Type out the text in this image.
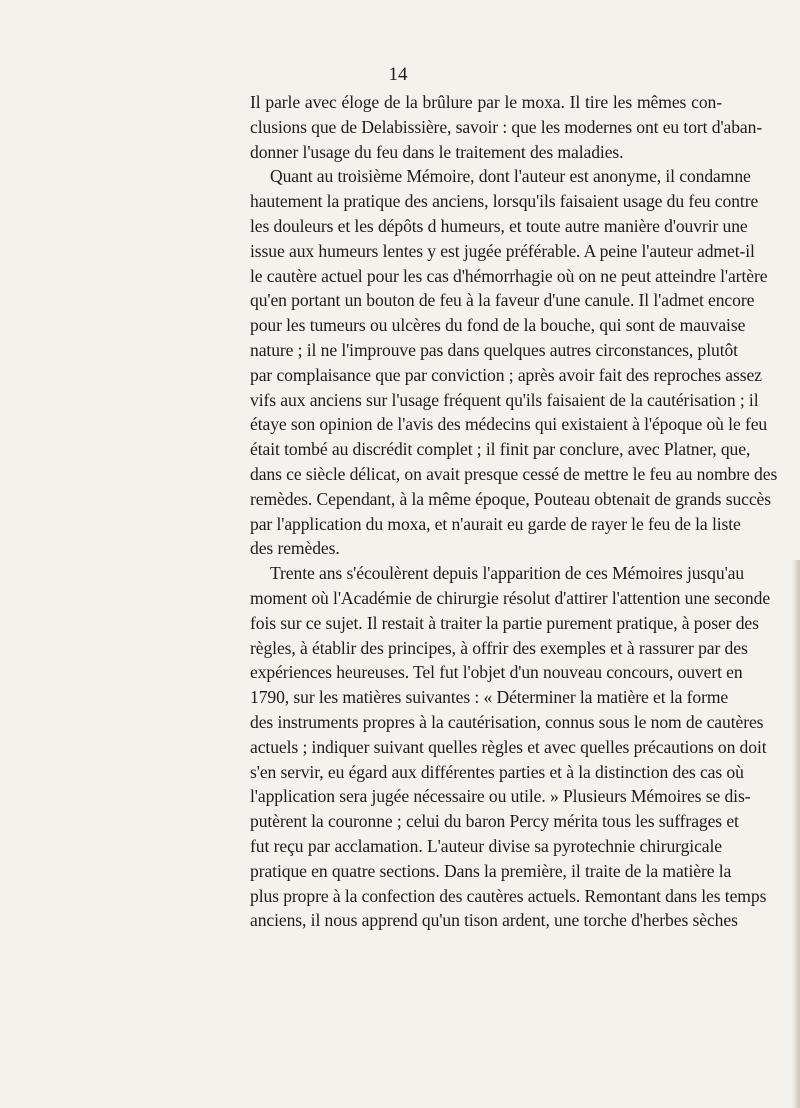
14
Il parle avec éloge de la brûlure par le moxa. Il tire les mêmes con-
clusions que de Delabissière, savoir : que les modernes ont eu tort d'aban-
donner l'usage du feu dans le traitement des maladies.
Quant au troisième Mémoire, dont l'auteur est anonyme, il condamne
hautement la pratique des anciens, lorsqu'ils faisaient usage du feu contre
les douleurs et les dépôts d humeurs, et toute autre manière d'ouvrir une
issue aux humeurs lentes y est jugée préférable. A peine l'auteur admet-il
le cautère actuel pour les cas d'hémorrhagie où on ne peut atteindre l'artère
qu'en portant un bouton de feu à la faveur d'une canule. Il l'admet encore
pour les tumeurs ou ulcères du fond de la bouche, qui sont de mauvaise
nature ; il ne l'improuve pas dans quelques autres circonstances, plutôt
par complaisance que par conviction ; après avoir fait des reproches assez
vifs aux anciens sur l'usage fréquent qu'ils faisaient de la cautérisation ; il
étaye son opinion de l'avis des médecins qui existaient à l'époque où le feu
était tombé au discrédit complet ; il finit par conclure, avec Platner, que,
dans ce siècle délicat, on avait presque cessé de mettre le feu au nombre des
remèdes. Cependant, à la même époque, Pouteau obtenait de grands succès
par l'application du moxa, et n'aurait eu garde de rayer le feu de la liste
des remèdes.
Trente ans s'écoulèrent depuis l'apparition de ces Mémoires jusqu'au
moment où l'Académie de chirurgie résolut d'attirer l'attention une seconde
fois sur ce sujet. Il restait à traiter la partie purement pratique, à poser des
règles, à établir des principes, à offrir des exemples et à rassurer par des
expériences heureuses. Tel fut l'objet d'un nouveau concours, ouvert en
1790, sur les matières suivantes : « Déterminer la matière et la forme
des instruments propres à la cautérisation, connus sous le nom de cautères
actuels ; indiquer suivant quelles règles et avec quelles précautions on doit
s'en servir, eu égard aux différentes parties et à la distinction des cas où
l'application sera jugée nécessaire ou utile. » Plusieurs Mémoires se dis-
putèrent la couronne ; celui du baron Percy mérita tous les suffrages et
fut reçu par acclamation. L'auteur divise sa pyrotechnie chirurgicale
pratique en quatre sections. Dans la première, il traite de la matière la
plus propre à la confection des cautères actuels. Remontant dans les temps
anciens, il nous apprend qu'un tison ardent, une torche d'herbes sèches
